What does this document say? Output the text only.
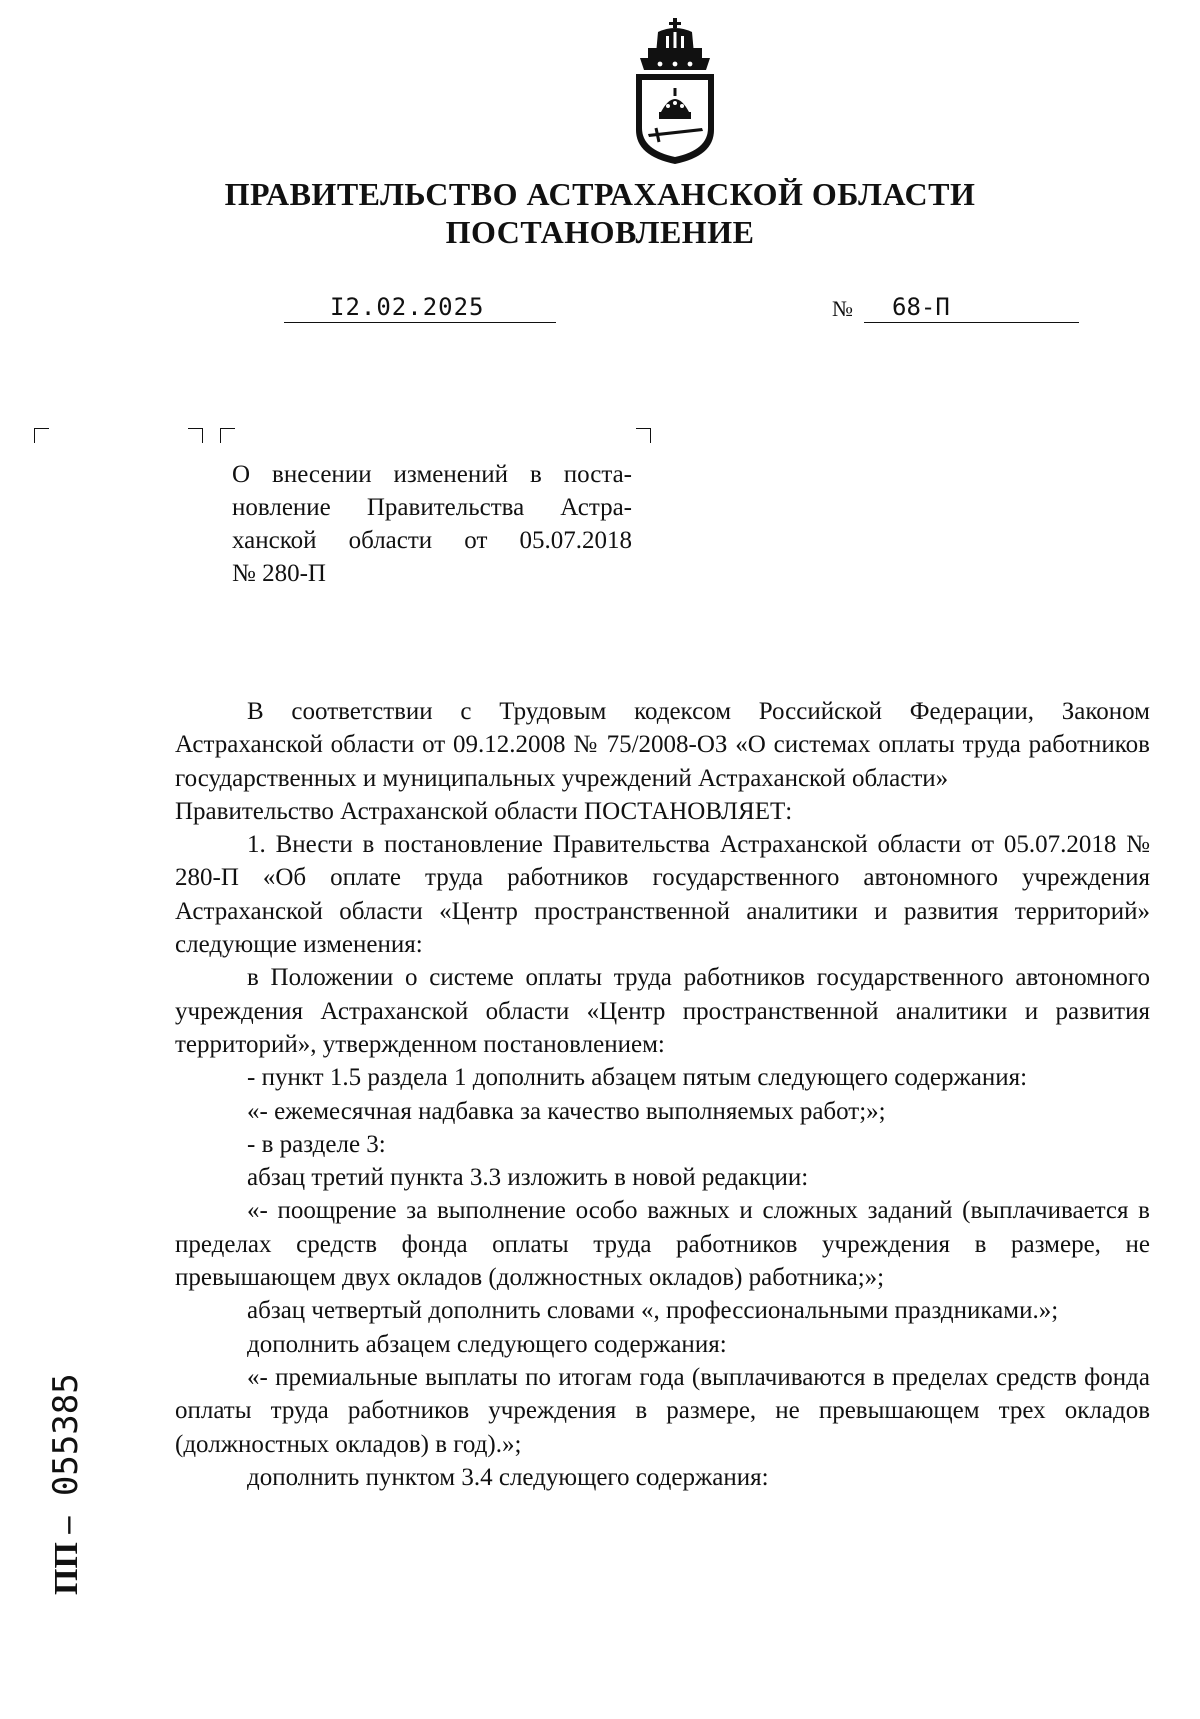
ПРАВИТЕЛЬСТВО АСТРАХАНСКОЙ ОБЛАСТИ
ПОСТАНОВЛЕНИЕ
I2.02.2025	№ 68-П
О внесении изменений в поста-
новление Правительства Астра-
ханской области от 05.07.2018
№ 280-П

В соответствии с Трудовым кодексом Российской Федерации, Законом Астраханской области от 09.12.2008 № 75/2008-ОЗ «О системах оплаты труда работников государственных и муниципальных учреждений Астраханской области»

Правительство Астраханской области ПОСТАНОВЛЯЕТ:

1. Внести в постановление Правительства Астраханской области от 05.07.2018 № 280-П «Об оплате труда работников государственного автономного учреждения Астраханской области «Центр пространственной аналитики и развития территорий» следующие изменения:

в Положении о системе оплаты труда работников государственного автономного учреждения Астраханской области «Центр пространственной аналитики и развития территорий», утвержденном постановлением:

- пункт 1.5 раздела 1 дополнить абзацем пятым следующего содержания:

«- ежемесячная надбавка за качество выполняемых работ;»;

- в разделе 3:

абзац третий пункта 3.3 изложить в новой редакции:

«- поощрение за выполнение особо важных и сложных заданий (выплачивается в пределах средств фонда оплаты труда работников учреждения в размере, не превышающем двух окладов (должностных окладов) работника;»;

абзац четвертый дополнить словами «, профессиональными праздниками.»;

дополнить абзацем следующего содержания:

«- премиальные выплаты по итогам года (выплачиваются в пределах средств фонда оплаты труда работников учреждения в размере, не превышающем трех окладов (должностных окладов) в год).»;

дополнить пунктом 3.4 следующего содержания:

ПП – 055385
